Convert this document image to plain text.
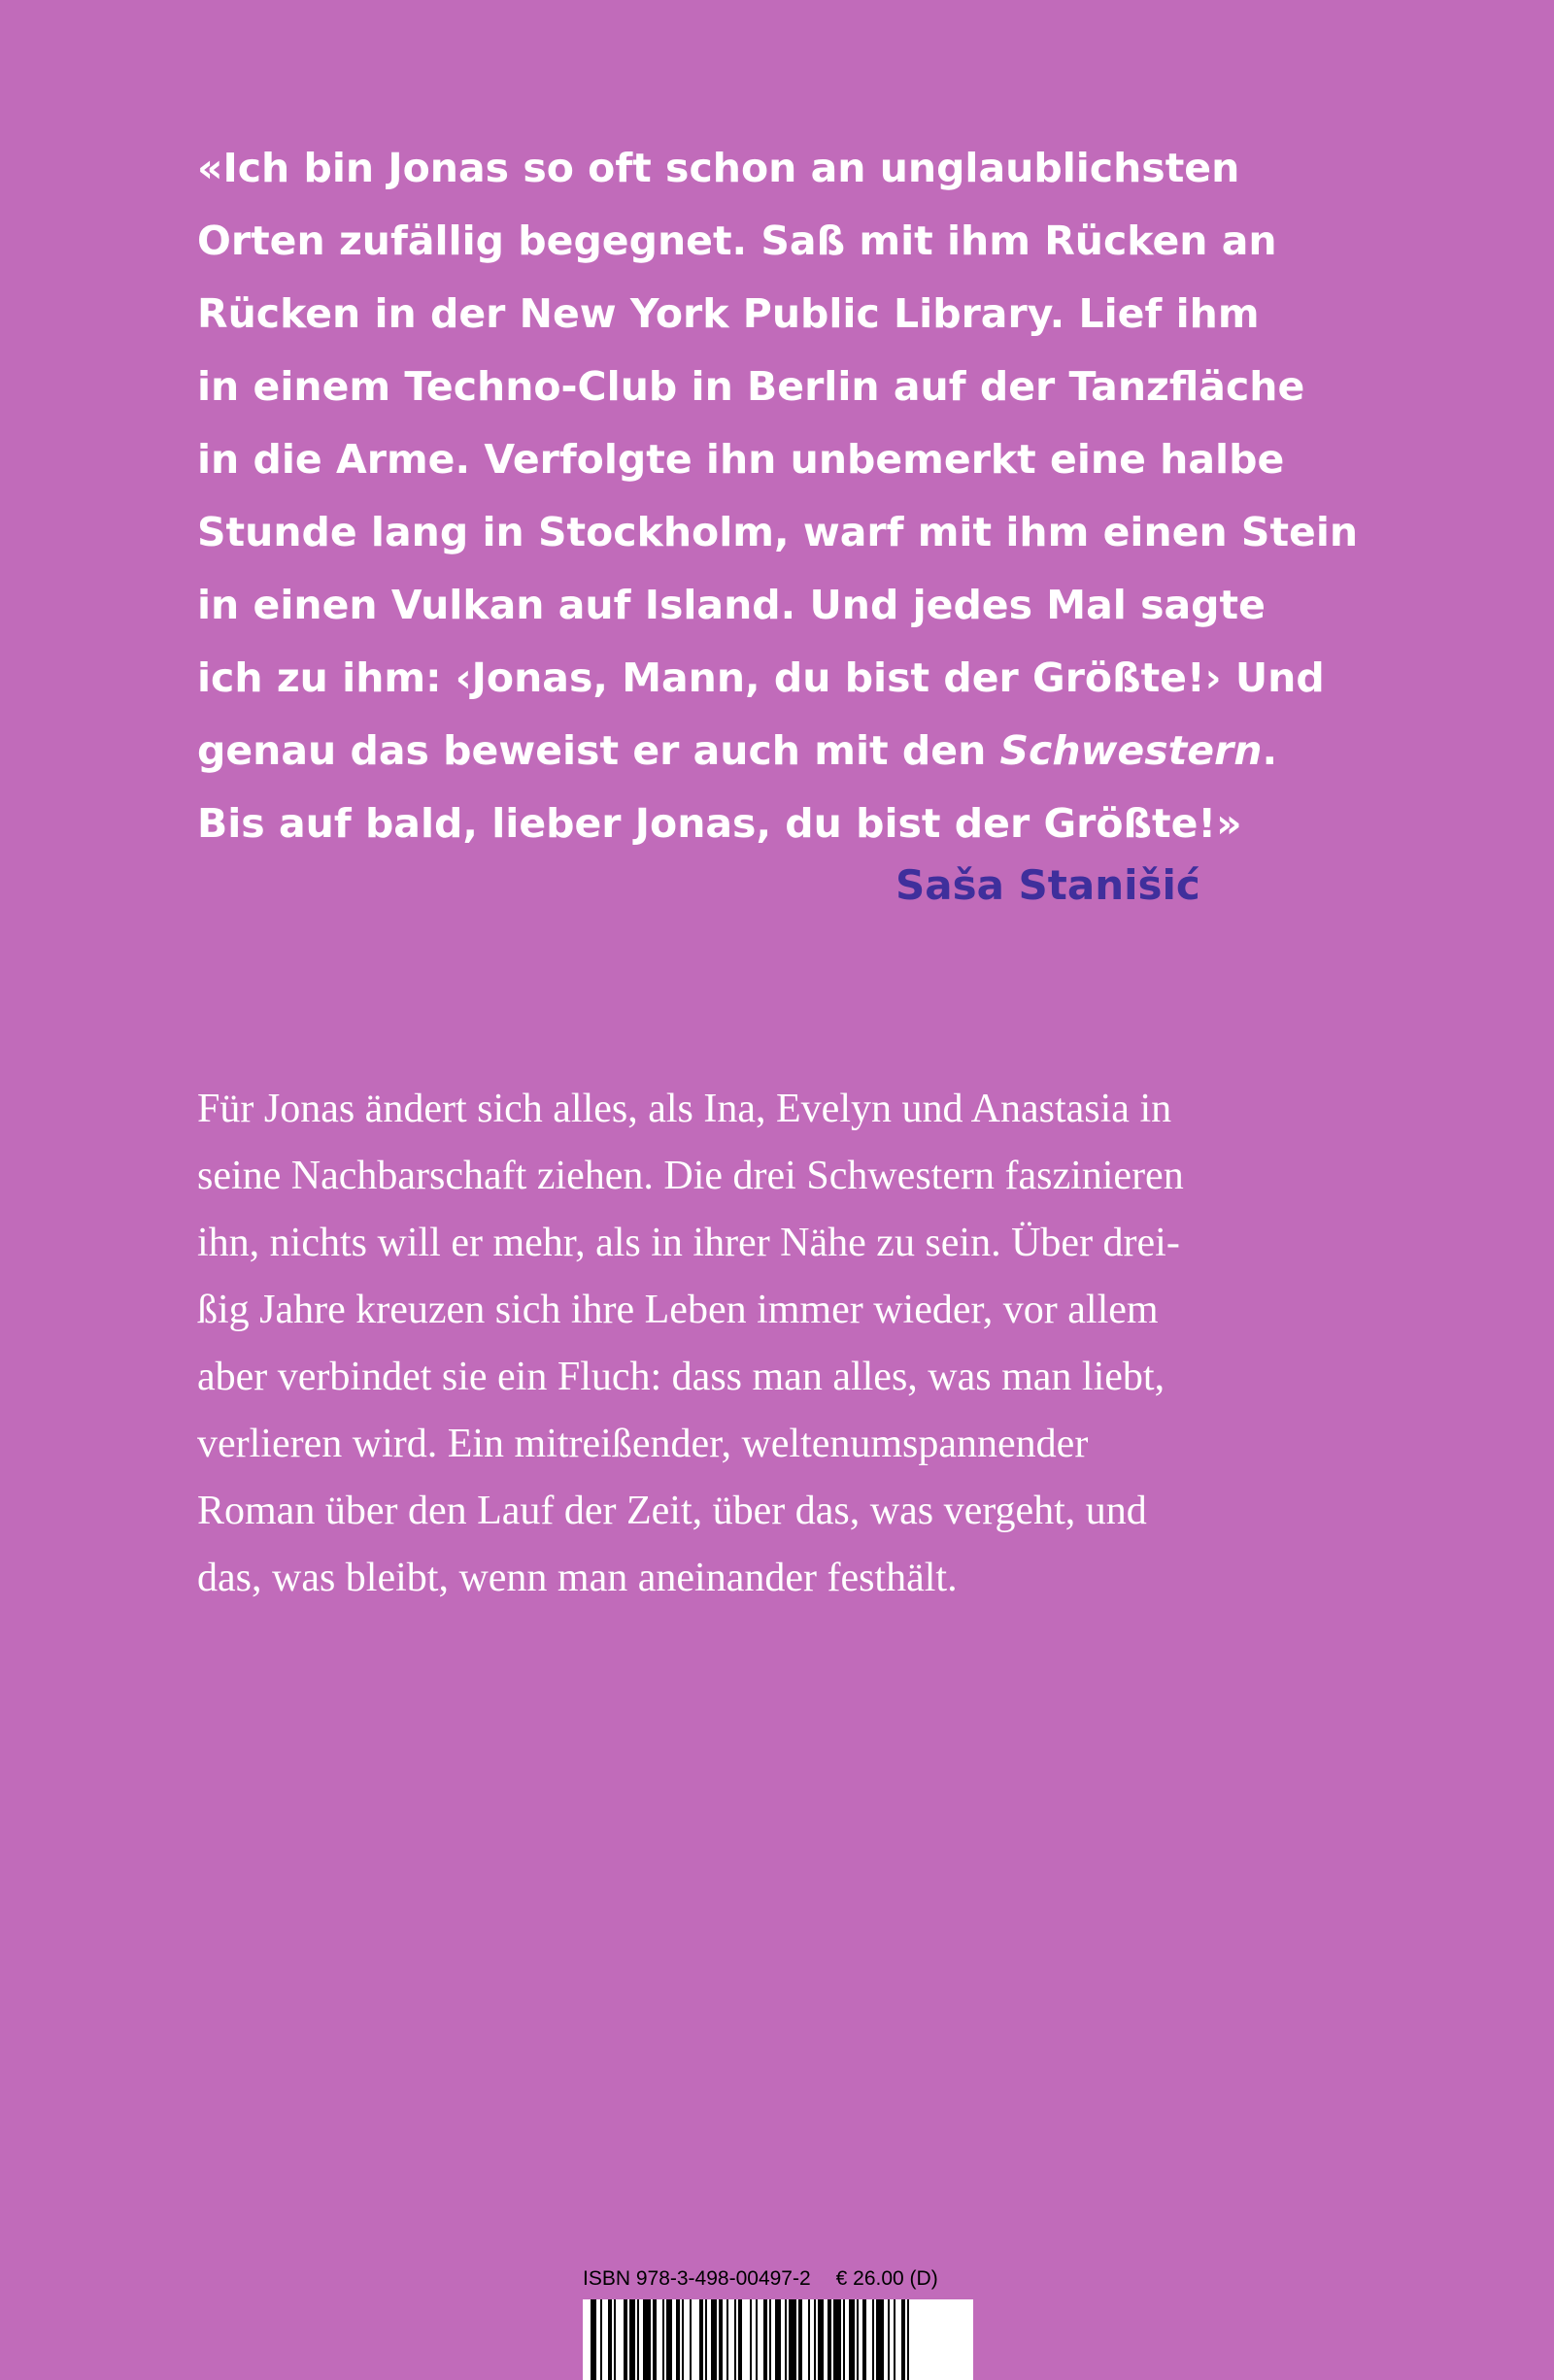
«Ich bin Jonas so oft schon an unglaublichsten
Orten zufällig begegnet. Saß mit ihm Rücken an
Rücken in der New York Public Library. Lief ihm
in einem Techno-Club in Berlin auf der Tanzfläche
in die Arme. Verfolgte ihn unbemerkt eine halbe
Stunde lang in Stockholm, warf mit ihm einen Stein
in einen Vulkan auf Island. Und jedes Mal sagte
ich zu ihm: ‹Jonas, Mann, du bist der Größte!› Und
genau das beweist er auch mit den Schwestern.
Bis auf bald, lieber Jonas, du bist der Größte!»
Saša Stanišić
Für Jonas ändert sich alles, als Ina, Evelyn und Anastasia in
seine Nachbarschaft ziehen. Die drei Schwestern faszinieren
ihn, nichts will er mehr, als in ihrer Nähe zu sein. Über drei-
ßig Jahre kreuzen sich ihre Leben immer wieder, vor allem
aber verbindet sie ein Fluch: dass man alles, was man liebt,
verlieren wird. Ein mitreißender, weltenumspannender
Roman über den Lauf der Zeit, über das, was vergeht, und
das, was bleibt, wenn man aneinander festhält.
ISBN 978-3-498-00497-2 € 26.00 (D)
